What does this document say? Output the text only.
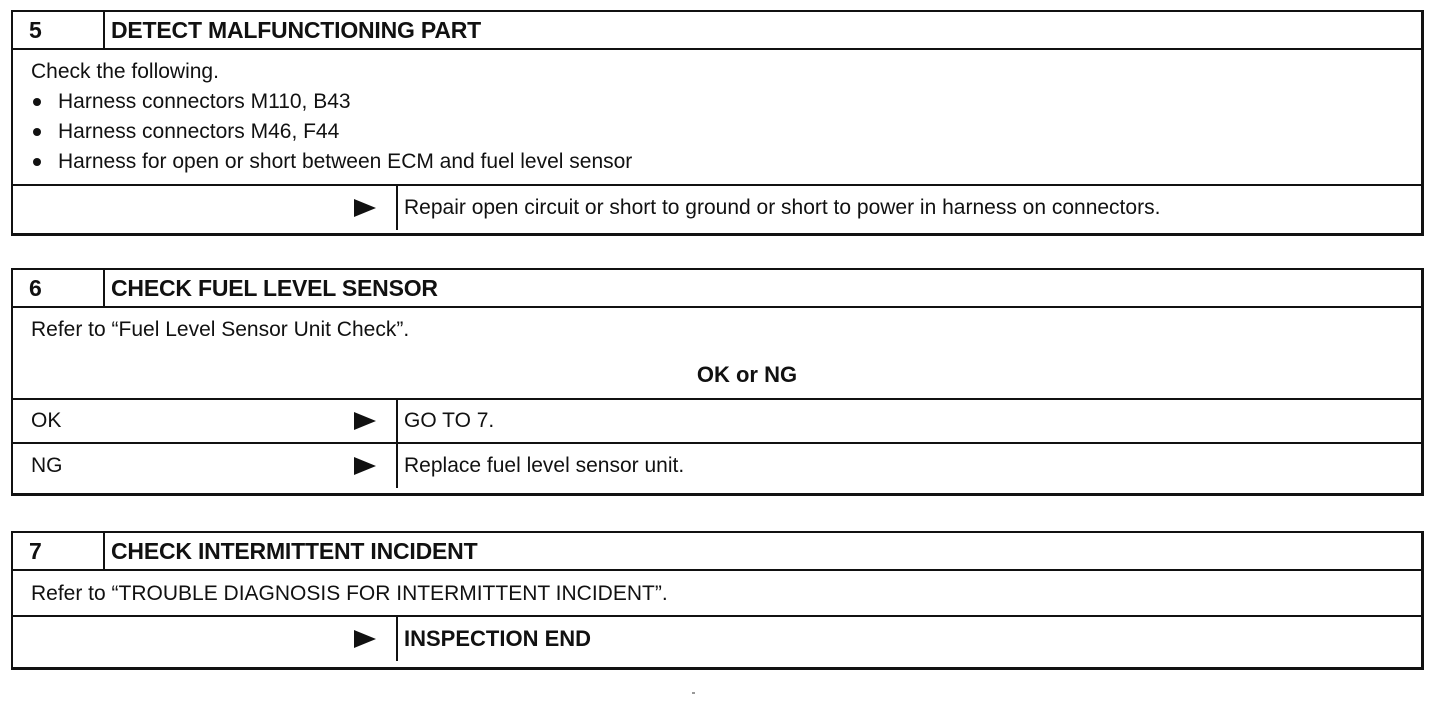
5	DETECT MALFUNCTIONING PART
Check the following.
Harness connectors M110, B43
Harness connectors M46, F44
Harness for open or short between ECM and fuel level sensor
Repair open circuit or short to ground or short to power in harness on connectors.
6	CHECK FUEL LEVEL SENSOR
Refer to “Fuel Level Sensor Unit Check”.
OK or NG
OK	GO TO 7.
NG	Replace fuel level sensor unit.
7	CHECK INTERMITTENT INCIDENT
Refer to “TROUBLE DIAGNOSIS FOR INTERMITTENT INCIDENT”.
INSPECTION END
